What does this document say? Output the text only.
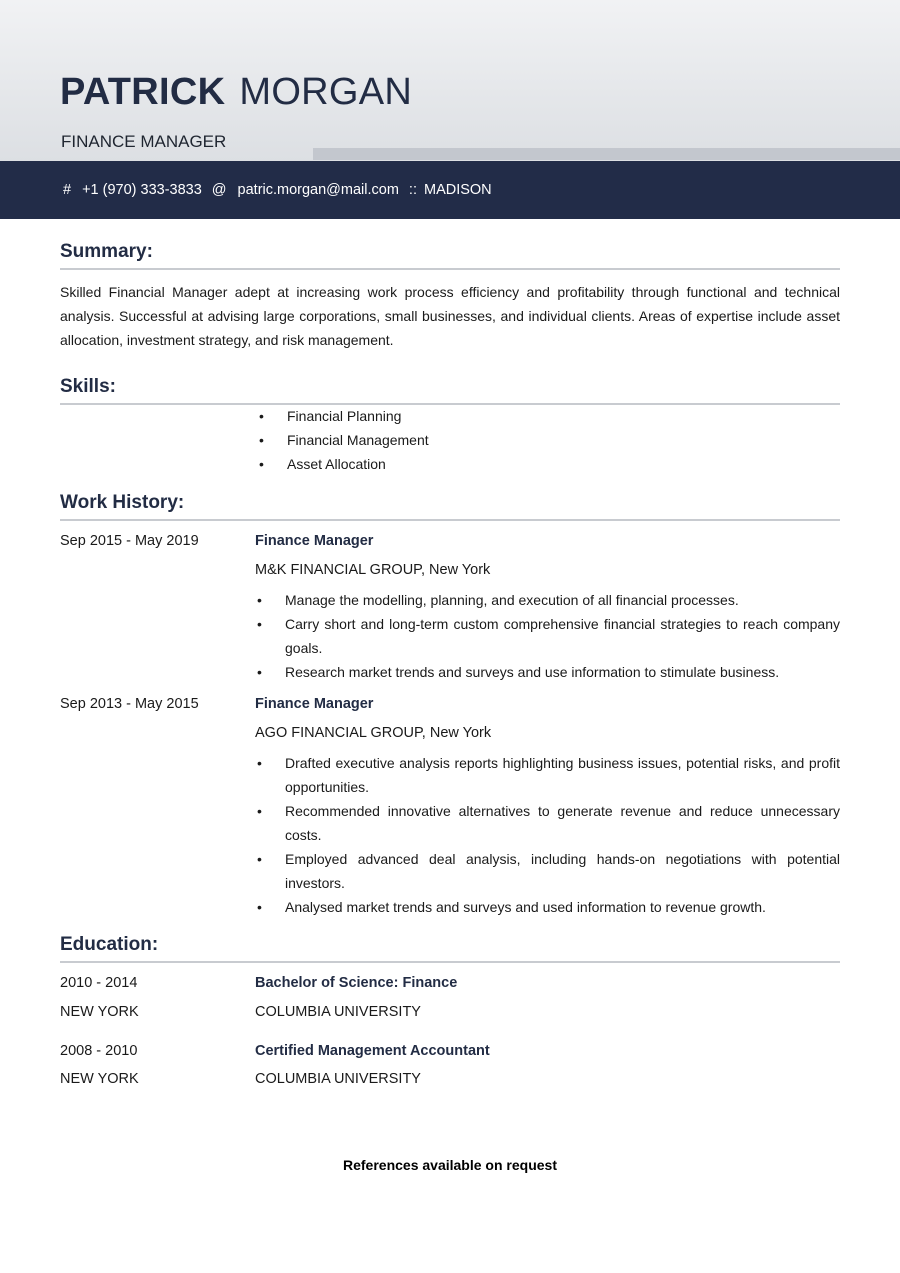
PATRICK MORGAN
FINANCE MANAGER
# +1 (970) 333-3833 @ patric.morgan@mail.com :: MADISON
Summary:
Skilled Financial Manager adept at increasing work process efficiency and profitability through functional and technical analysis. Successful at advising large corporations, small businesses, and individual clients. Areas of expertise include asset allocation, investment strategy, and risk management.
Skills:
• Financial Planning
• Financial Management
• Asset Allocation
Work History:
Sep 2015 - May 2019	Finance Manager
M&K FINANCIAL GROUP, New York
• Manage the modelling, planning, and execution of all financial processes.
• Carry short and long-term custom comprehensive financial strategies to reach company goals.
• Research market trends and surveys and use information to stimulate business.
Sep 2013 - May 2015	Finance Manager
AGO FINANCIAL GROUP, New York
• Drafted executive analysis reports highlighting business issues, potential risks, and profit opportunities.
• Recommended innovative alternatives to generate revenue and reduce unnecessary costs.
• Employed advanced deal analysis, including hands-on negotiations with potential investors.
• Analysed market trends and surveys and used information to revenue growth.
Education:
2010 - 2014	Bachelor of Science: Finance
NEW YORK	COLUMBIA UNIVERSITY
2008 - 2010	Certified Management Accountant
NEW YORK	COLUMBIA UNIVERSITY
References available on request
